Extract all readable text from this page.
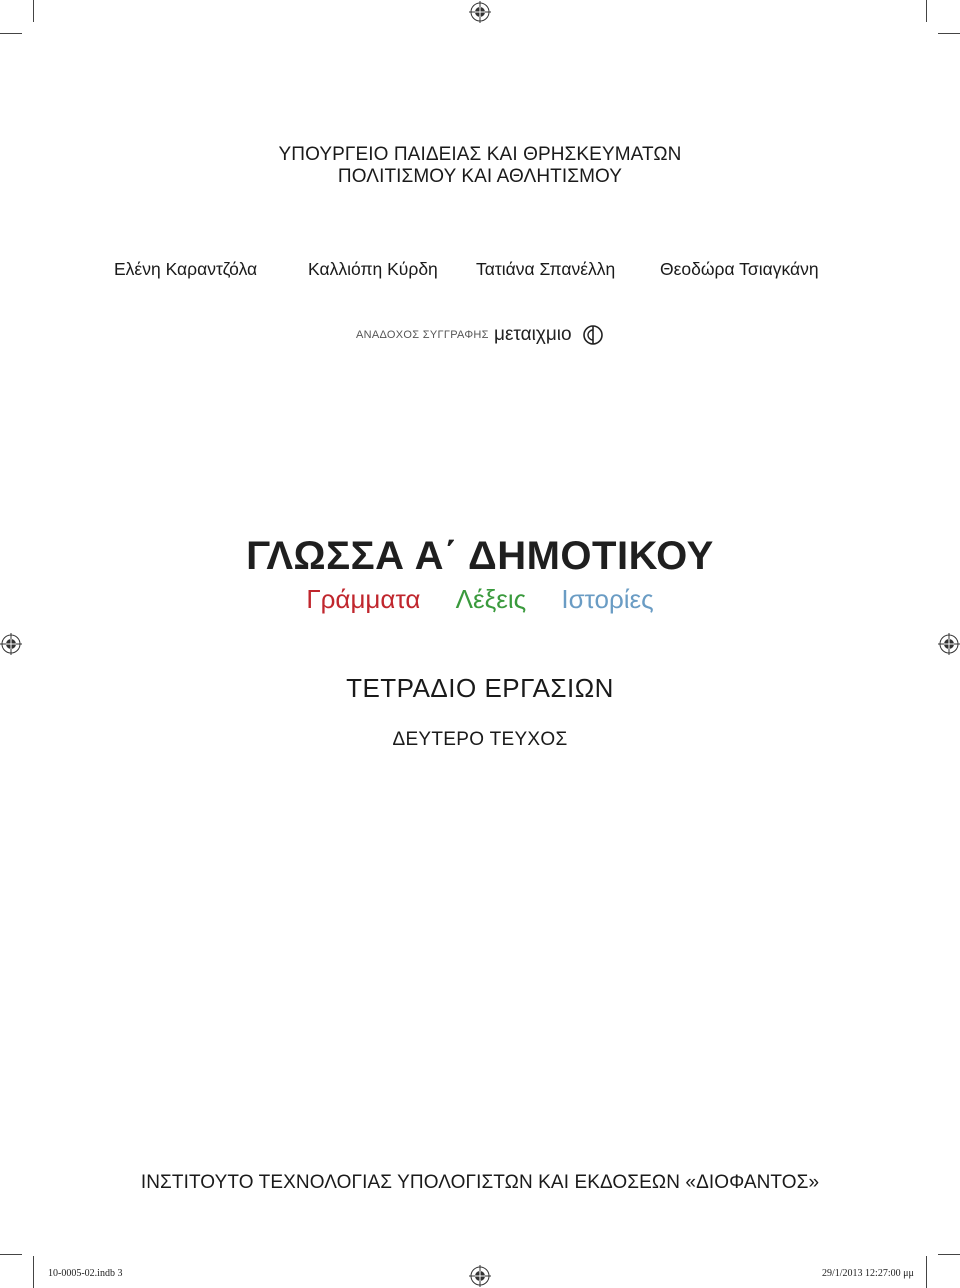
ΥΠΟΥΡΓΕΙΟ ΠΑΙΔΕΙΑΣ ΚΑΙ ΘΡΗΣΚΕΥΜΑΤΩΝ
ΠΟΛΙΤΙΣΜΟΥ ΚΑΙ ΑΘΛΗΤΙΣΜΟΥ
Ελένη Καραντζόλα	Καλλιόπη Κύρδη Τατιάνα Σπανέλλη	Θεοδώρα Τσιαγκάνη
ΑΝΑΔΟΧΟΣ ΣΥΓΓΡΑΦΗΣ μεταιχμιο
ΓΛΩΣΣΑ Α΄ ΔΗΜΟΤΙΚΟΥ
Γράμματα Λέξεις Ιστορίες
ΤΕΤΡΑΔΙΟ ΕΡΓΑΣΙΩΝ
ΔΕΥΤΕΡΟ ΤΕΥΧΟΣ
ΙΝΣΤΙΤΟΥΤΟ ΤΕΧΝΟΛΟΓΙΑΣ ΥΠΟΛΟΓΙΣΤΩΝ ΚΑΙ ΕΚΔΟΣΕΩΝ «ΔΙΟΦΑΝΤΟΣ»
10-0005-02.indb 3	29/1/2013 12:27:00 μμ
